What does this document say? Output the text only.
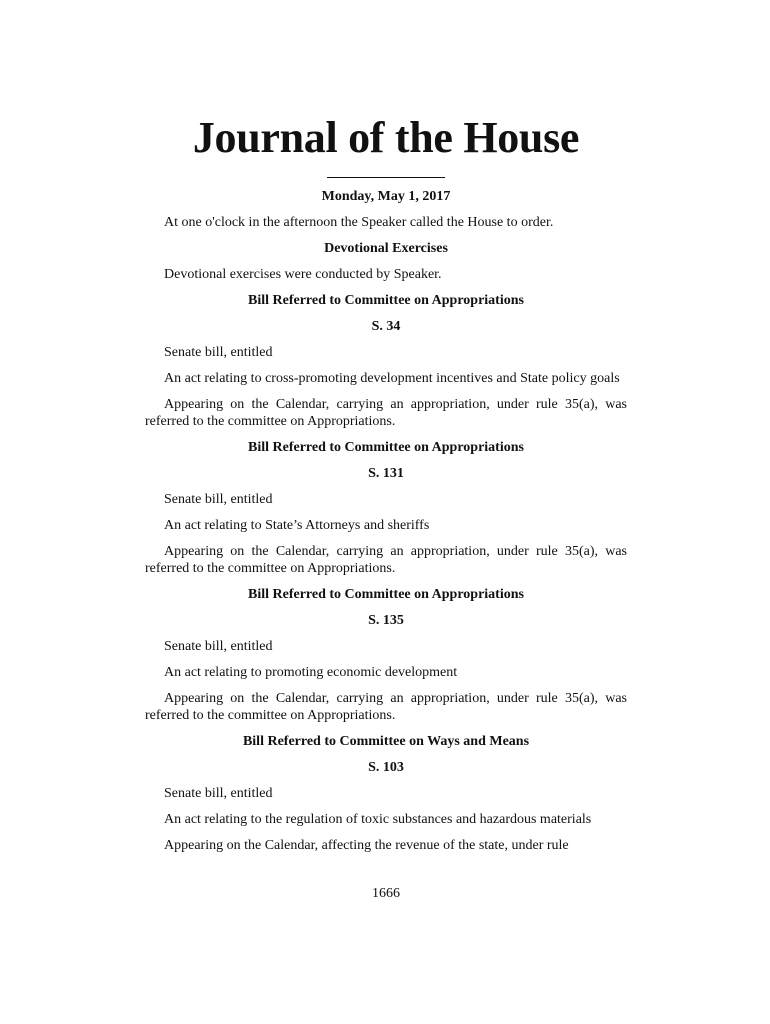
Journal of the House

Monday, May 1, 2017

At one o'clock in the afternoon the Speaker called the House to order.

Devotional Exercises

Devotional exercises were conducted by Speaker.

Bill Referred to Committee on Appropriations

S. 34

Senate bill, entitled

An act relating to cross-promoting development incentives and State policy goals

Appearing on the Calendar, carrying an appropriation, under rule 35(a), was referred to the committee on Appropriations.

Bill Referred to Committee on Appropriations

S. 131

Senate bill, entitled

An act relating to State’s Attorneys and sheriffs

Appearing on the Calendar, carrying an appropriation, under rule 35(a), was referred to the committee on Appropriations.

Bill Referred to Committee on Appropriations

S. 135

Senate bill, entitled

An act relating to promoting economic development

Appearing on the Calendar, carrying an appropriation, under rule 35(a), was referred to the committee on Appropriations.

Bill Referred to Committee on Ways and Means

S. 103

Senate bill, entitled

An act relating to the regulation of toxic substances and hazardous materials

Appearing on the Calendar, affecting the revenue of the state, under rule

1666
